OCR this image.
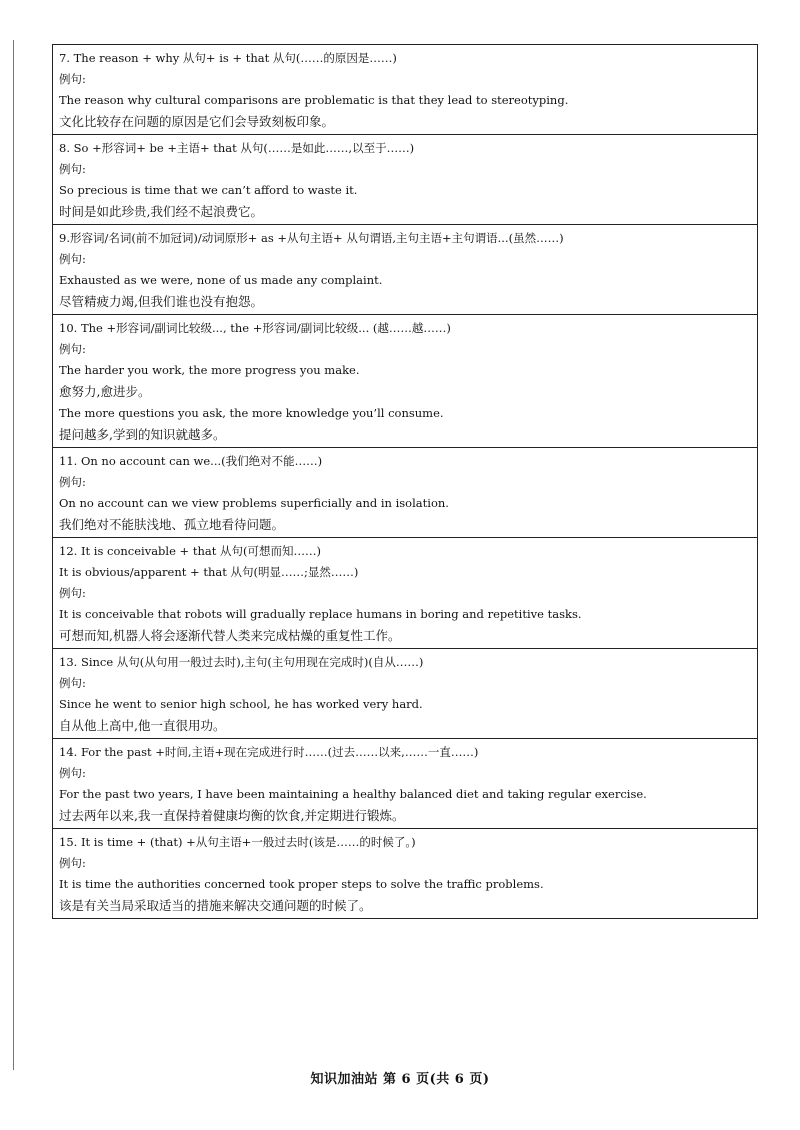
7. The reason + why 从句+ is + that 从句(……的原因是……)

例句:

The reason why cultural comparisons are problematic is that they lead to stereotyping.

文化比较存在问题的原因是它们会导致刻板印象。

8. So +形容词+ be +主语+ that 从句(……是如此……,以至于……)

例句:

So precious is time that we can’t afford to waste it.

时间是如此珍贵,我们经不起浪费它。

9.形容词/名词(前不加冠词)/动词原形+ as +从句主语+ 从句谓语,主句主语+主句谓语...(虽然……)

例句:

Exhausted as we were, none of us made any complaint.

尽管精疲力竭,但我们谁也没有抱怨。

10. The +形容词/副词比较级..., the +形容词/副词比较级... (越……越……)

例句:

The harder you work, the more progress you make.

愈努力,愈进步。

The more questions you ask, the more knowledge you’ll consume.

提问越多,学到的知识就越多。

11. On no account can we...(我们绝对不能……)

例句:

On no account can we view problems superficially and in isolation.

我们绝对不能肤浅地、孤立地看待问题。

12. It is conceivable + that 从句(可想而知……)

It is obvious/apparent + that 从句(明显……;显然……)

例句:

It is conceivable that robots will gradually replace humans in boring and repetitive tasks.

可想而知,机器人将会逐渐代替人类来完成枯燥的重复性工作。

13. Since 从句(从句用一般过去时),主句(主句用现在完成时)(自从……)

例句:

Since he went to senior high school, he has worked very hard.

自从他上高中,他一直很用功。

14. For the past +时间,主语+现在完成进行时……(过去……以来,……一直……)

例句:

For the past two years, I have been maintaining a healthy balanced diet and taking regular exercise.

过去两年以来,我一直保持着健康均衡的饮食,并定期进行锻炼。

15. It is time + (that) +从句主语+一般过去时(该是……的时候了。)

例句:

It is time the authorities concerned took proper steps to solve the traffic problems.

该是有关当局采取适当的措施来解决交通问题的时候了。

知识加油站 第 6 页(共 6 页)
